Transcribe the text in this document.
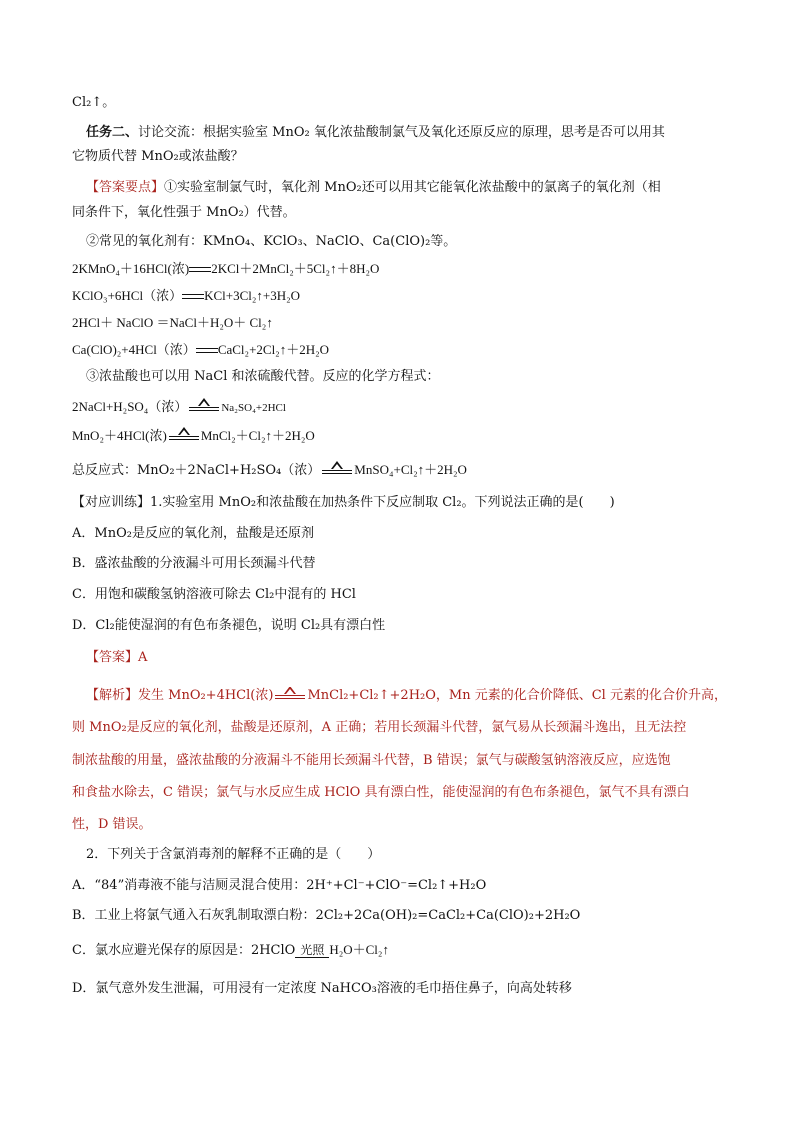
Cl₂↑。
任务二、讨论交流：根据实验室 MnO₂ 氧化浓盐酸制氯气及氧化还原反应的原理，思考是否可以用其
它物质代替 MnO₂或浓盐酸？
【答案要点】①实验室制氯气时，氧化剂 MnO₂还可以用其它能氧化浓盐酸中的氯离子的氧化剂（相
同条件下，氧化性强于 MnO₂）代替。
②常见的氧化剂有：KMnO₄、KClO₃、NaClO、Ca(ClO)₂等。
2KMnO₄＋16HCl(浓) 2KCl＋2MnCl₂＋5Cl₂↑＋8H₂O
KClO₃+6HCl（浓） KCl+3Cl₂↑+3H₂O
2HCl＋ NaClO ＝NaCl＋H₂O＋ Cl₂↑
Ca(ClO)₂+4HCl（浓） CaCl₂+2Cl₂↑＋2H₂O
③浓盐酸也可以用 NaCl 和浓硫酸代替。反应的化学方程式：
2NaCl+H₂SO₄（浓）	Na₂SO₄+2HCl
MnO₂＋4HCl(浓)	MnCl₂＋Cl₂↑＋2H₂O
总反应式：MnO₂＋2NaCl+H₂SO₄（浓）	MnSO₄+Cl₂↑＋2H₂O
【对应训练】1.实验室用 MnO₂和浓盐酸在加热条件下反应制取 Cl₂。下列说法正确的是(　　)
A．MnO₂是反应的氧化剂，盐酸是还原剂
B．盛浓盐酸的分液漏斗可用长颈漏斗代替
C．用饱和碳酸氢钠溶液可除去 Cl₂中混有的 HCl
D．Cl₂能使湿润的有色布条褪色，说明 Cl₂具有漂白性
【答案】A
【解析】发生 MnO₂+4HCl(浓)	MnCl₂+Cl₂↑+2H₂O，Mn 元素的化合价降低、Cl 元素的化合价升高，
则 MnO₂是反应的氧化剂，盐酸是还原剂，A 正确；若用长颈漏斗代替，氯气易从长颈漏斗逸出，且无法控
制浓盐酸的用量，盛浓盐酸的分液漏斗不能用长颈漏斗代替，B 错误；氯气与碳酸氢钠溶液反应，应选饱
和食盐水除去，C 错误；氯气与水反应生成 HClO 具有漂白性，能使湿润的有色布条褪色，氯气不具有漂白
性，D 错误。
2．下列关于含氯消毒剂的解释不正确的是（　　）
A．“84”消毒液不能与洁厕灵混合使用：2H⁺+Cl⁻+ClO⁻=Cl₂↑+H₂O
B．工业上将氯气通入石灰乳制取漂白粉：2Cl₂+2Ca(OH)₂=CaCl₂+Ca(ClO)₂+2H₂O
C．氯水应避光保存的原因是：2HClO 光照 H₂O＋Cl₂↑
D．氯气意外发生泄漏，可用浸有一定浓度 NaHCO₃溶液的毛巾捂住鼻子，向高处转移
